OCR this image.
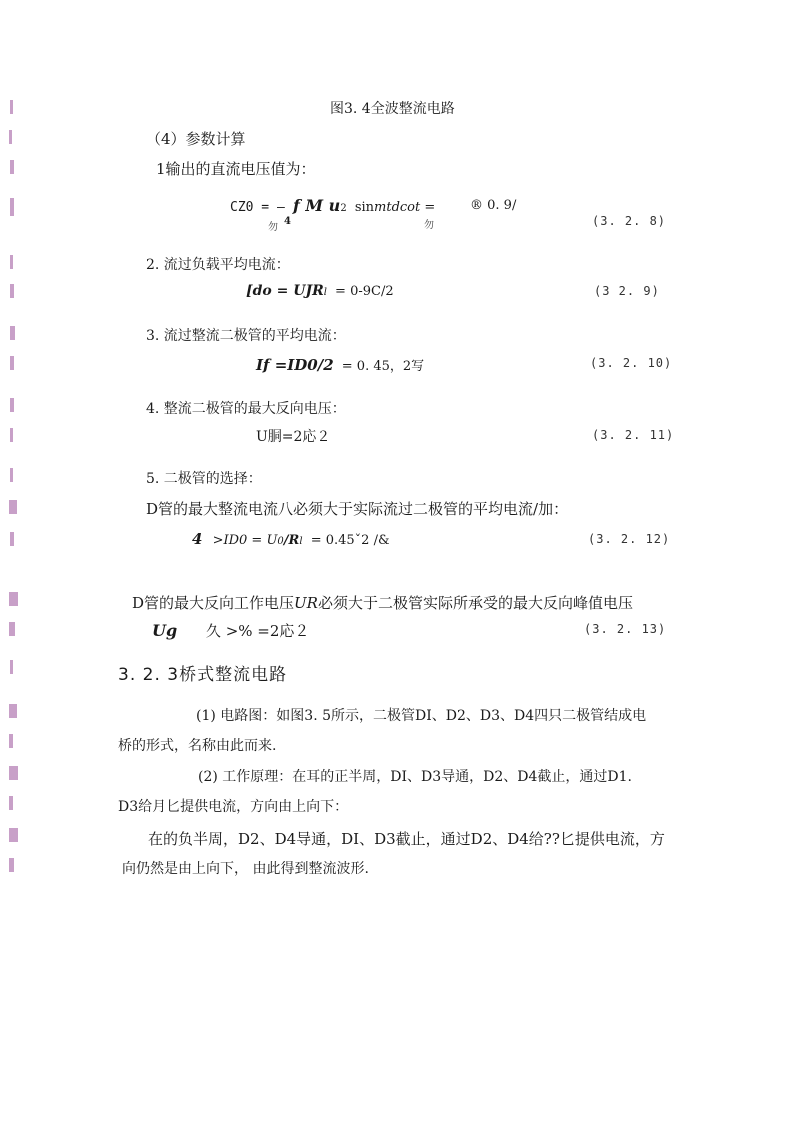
图3. 4全波整流电路
（4）参数计算
1输出的直流电压值为：
CZ0 = — f M u2 sinmtdcot =	® 0. 9/
勿
4	勿	(3. 2. 8)
2. 流过负载平均电流：
[do = UJRl = 0-9C/2	(3 2. 9)
3. 流过整流二极管的平均电流：
If =ID0/2 = 0. 45，2写	(3. 2. 10)
4. 整流二极管的最大反向电压：
U胴=2応２	(3. 2. 11)
5. 二极管的选择：
D管的最大整流电流八必须大于实际流过二极管的平均电流/加：
4 >ID0 = U0/Rl = 0.45ˇ2 /&	(3. 2. 12)
D管的最大反向工作电压UR必须大于二极管实际所承受的最大反向峰值电压
Ug 久 >% =2応２	(3. 2. 13)
3. 2. 3桥式整流电路
(1) 电路图：如图3. 5所示，二极管DI、D2、D3、D4四只二极管结成电
桥的形式，名称由此而来.
(2) 工作原理：在耳的正半周，DI、D3导通，D2、D4截止，通过D1.
D3给月匕提供电流，方向由上向下：
在的负半周，D2、D4导通，DI、D3截止，通过D2、D4给??匕提供电流，方
向仍然是由上向下， 由此得到整流波形.
